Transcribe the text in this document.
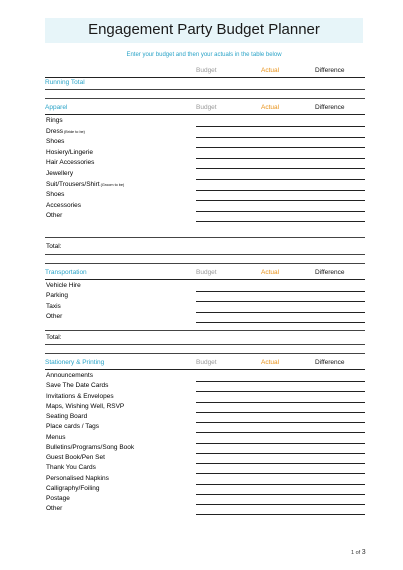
Engagement Party Budget Planner
Enter your budget and then your actuals in the table below
Budget	Actual	Difference
Running Total
Apparel	Budget	Actual	Difference
Rings
Dress (Bride to be)
Shoes
Hosiery/Lingerie
Hair Accessories
Jewellery
Suit/Trousers/Shirt (Groom to be)
Shoes
Accessories
Other
Total:
Transportation	Budget	Actual	Difference
Vehicle Hire
Parking
Taxis
Other
Total:
Stationery & Printing	Budget	Actual	Difference
Announcements
Save The Date Cards
Invitations & Envelopes
Maps, Wishing Well, RSVP
Seating Board
Place cards / Tags
Menus
Bulletins/Programs/Song Book
Guest Book/Pen Set
Thank You Cards
Personalised Napkins
Calligraphy/Foiling
Postage
Other
1 of 3
